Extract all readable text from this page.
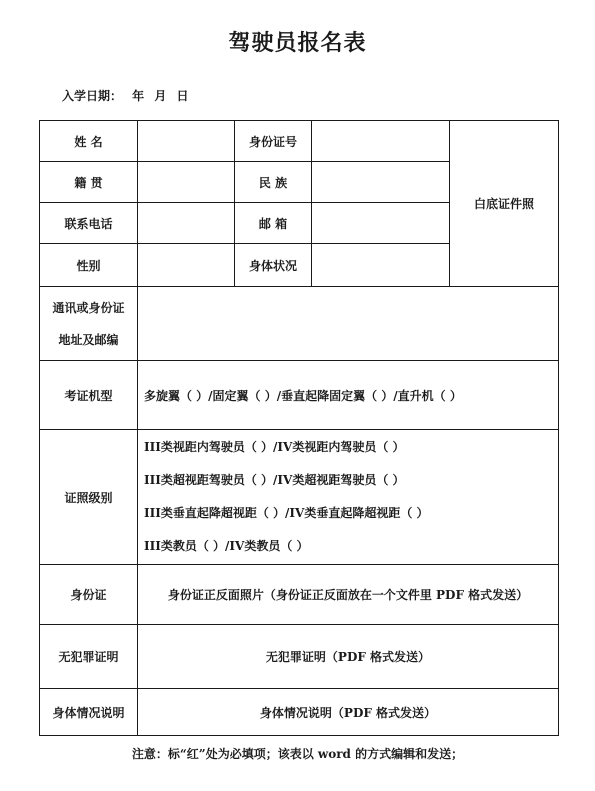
驾驶员报名表
入学日期： 年 月 日
姓 名		身份证号		白底证件照
籍 贯		民 族		
联系电话		邮 箱		
性别		身体状况		

通讯或身份证
地址及邮编				

考证机型	多旋翼（ ）/固定翼（ ）/垂直起降固定翼（ ）/直升机（ ）			
证照级别	III类视距内驾驶员（ ）/IV类视距内驾驶员（ ）
III类超视距驾驶员（ ）/IV类超视距驾驶员（ ）
III类垂直起降超视距（ ）/IV类垂直起降超视距（ ）
III类教员（ ）/IV类教员（ ）			

身份证	身份证正反面照片（身份证正反面放在一个文件里 PDF 格式发送）			
无犯罪证明	无犯罪证明（PDF 格式发送）			
身体情况说明	身体情况说明（PDF 格式发送）			
注意：标“红”处为必填项；该表以 word 的方式编辑和发送；
